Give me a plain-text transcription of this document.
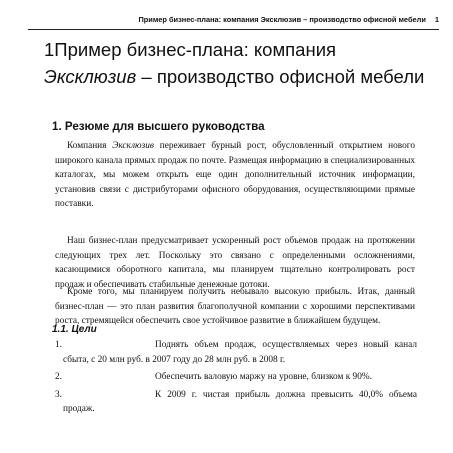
Пример бизнес-плана: компания Эксклюзив – производство офисной мебели 1
1Пример бизнес-плана: компания
Эксклюзив – производство офисной мебели
1. Резюме для высшего руководства

Компания Эксклюзив переживает бурный рост, обусловленный открытием нового широкого канала прямых продаж по почте. Размещая информацию в специализированных каталогах, мы можем открыть еще один дополнительный источник информации, установив связи с дистрибуторами офисного оборудования, осуществляющими прямые поставки.

Наш бизнес-план предусматривает ускоренный рост объемов продаж на протяжении следующих трех лет. Поскольку это связано с определенными осложнениями, касающимися оборотного капитала, мы планируем тщательно контролировать рост продаж и обеспечивать стабильные денежные потоки.

Кроме того, мы планируем получить небывало высокую прибыль. Итак, данный бизнес-план — это план развития благополучной компании с хорошими перспективами роста, стремящейся обеспечить свое устойчивое развитие в ближайшем будущем.

1.1. Цели
1.	Поднять объем продаж, осуществляемых через новый канал сбыта, с 20 млн руб. в 2007 году до 28 млн руб. в 2008 г.
2.	Обеспечить валовую маржу на уровне, близком к 90%.
3.	К 2009 г. чистая прибыль должна превысить 40,0% объема продаж.
